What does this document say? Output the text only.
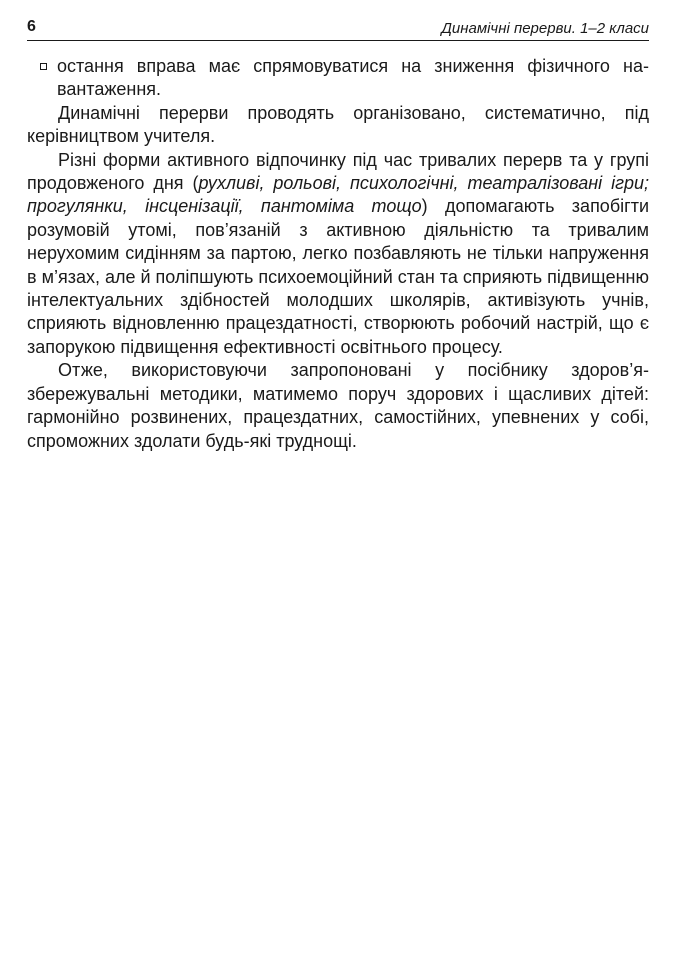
6	Динамічні перерви. 1–2 класи

остання вправа має спрямовуватися на зниження фізичного навантаження.

Динамічні перерви проводять організовано, систематично, під керівництвом учителя.

Різні форми активного відпочинку під час тривалих перерв та у групі продовженого дня (рухливі, рольові, психологічні, театралізовані ігри; прогулянки, інсценізації, пантоміма тощо) допомагають запобігти розумовій утомі, пов’язаній з активною діяльністю та тривалим нерухомим сидінням за партою, легко позбавляють не тільки напруження в м’язах, але й поліпшують психоемоційний стан та сприяють підвищенню інтелектуальних здібностей молодших школярів, активізують учнів, сприяють відновленню працездатності, створюють робочий настрій, що є запорукою підвищення ефективності освітнього процесу.

Отже, використовуючи запропоновані у посібнику здоров’язбережувальні методики, матимемо поруч здорових і щасливих дітей: гармонійно розвинених, працездатних, самостійних, упевнених у собі, спроможних здолати будь-які труднощі.
